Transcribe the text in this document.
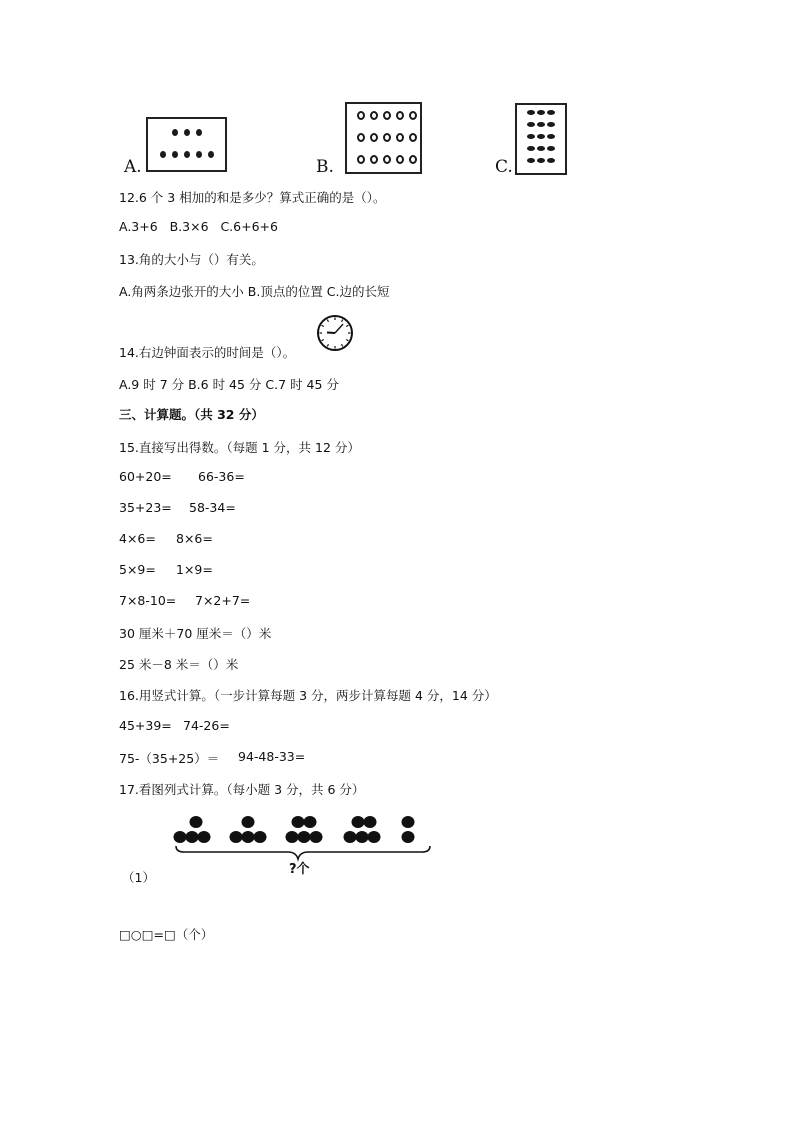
A.	B.	C.
12.6 个 3 相加的和是多少？算式正确的是（）。
A.3+6   B.3×6   C.6+6+6
13.角的大小与（）有关。
A.角两条边张开的大小 B.顶点的位置 C.边的长短
14.右边钟面表示的时间是（）。
A.9 时 7 分 B.6 时 45 分 C.7 时 45 分
三、计算题。（共 32 分）
15.直接写出得数。（每题 1 分，共 12 分）
60+20= 66-36=
35+23= 58-34=
4×6= 8×6=
5×9= 1×9=
7×8-10= 7×2+7=
30 厘米＋70 厘米＝（）米
25 米－8 米＝（）米
16.用竖式计算。（一步计算每题 3 分，两步计算每题 4 分，14 分）
45+39= 74-26=
75-（35+25）＝ 94-48-33=
17.看图列式计算。（每小题 3 分，共 6 分）
?个
（1）
□○□=□（个）
